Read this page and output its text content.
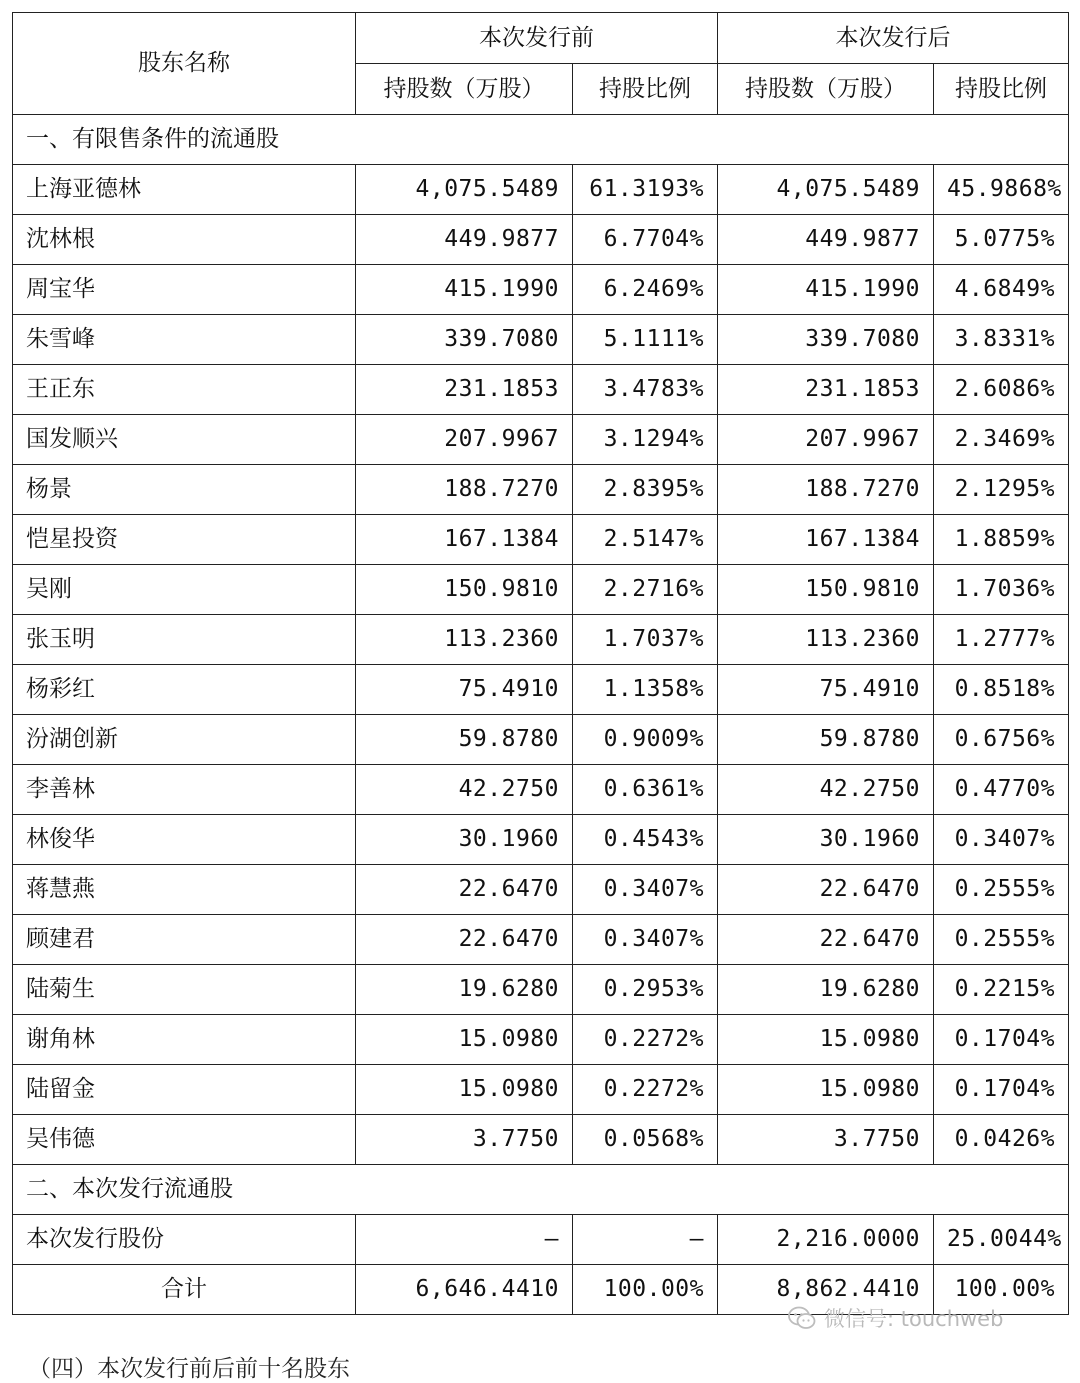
股东名称	本次发行前		本次发行后	
	持股数（万股）	持股比例	持股数（万股）	持股比例
一、有限售条件的流通股				
上海亚德林	4,075.5489	61.3193%	4,075.5489	45.9868%
沈林根	449.9877	6.7704%	449.9877	5.0775%
周宝华	415.1990	6.2469%	415.1990	4.6849%
朱雪峰	339.7080	5.1111%	339.7080	3.8331%
王正东	231.1853	3.4783%	231.1853	2.6086%
国发顺兴	207.9967	3.1294%	207.9967	2.3469%
杨景	188.7270	2.8395%	188.7270	2.1295%
恺星投资	167.1384	2.5147%	167.1384	1.8859%
吴刚	150.9810	2.2716%	150.9810	1.7036%
张玉明	113.2360	1.7037%	113.2360	1.2777%
杨彩红	75.4910	1.1358%	75.4910	0.8518%
汾湖创新	59.8780	0.9009%	59.8780	0.6756%
李善林	42.2750	0.6361%	42.2750	0.4770%
林俊华	30.1960	0.4543%	30.1960	0.3407%
蒋慧燕	22.6470	0.3407%	22.6470	0.2555%
顾建君	22.6470	0.3407%	22.6470	0.2555%
陆菊生	19.6280	0.2953%	19.6280	0.2215%
谢角林	15.0980	0.2272%	15.0980	0.1704%
陆留金	15.0980	0.2272%	15.0980	0.1704%
吴伟德	3.7750	0.0568%	3.7750	0.0426%
二、本次发行流通股				
本次发行股份	–	–	2,216.0000	25.0044%
合计	6,646.4410	100.00%	8,862.4410	100.00%
微信号: touchweb
（四）本次发行前后前十名股东
